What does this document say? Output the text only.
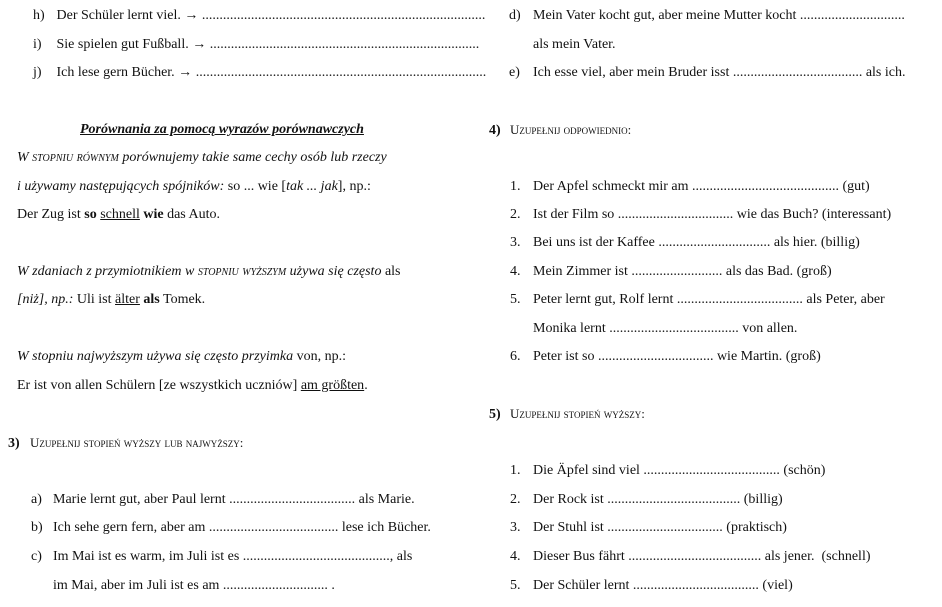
h) Der Schüler lernt viel. → .................................................................................
i) Sie spielen gut Fußball. → .............................................................................
j) Ich lese gern Bücher. → ...................................................................................
Porównania za pomocą wyrazów porównawczych
W stopniu równym porównujemy takie same cechy osób lub rzeczy
i używamy następujących spójników: so ... wie [tak ... jak], np.:
Der Zug ist so schnell wie das Auto.
W zdaniach z przymiotnikiem w stopniu wyższym używa się często als
[niż], np.: Uli ist älter als Tomek.
W stopniu najwyższym używa się często przyimka von, np.:
Er ist von allen Schülern [ze wszystkich uczniów] am größten.
3) Uzupełnij stopień wyższy lub najwyższy:
a) Marie lernt gut, aber Paul lernt .................................... als Marie.
b) Ich sehe gern fern, aber am ..................................... lese ich Bücher.
c) Im Mai ist es warm, im Juli ist es .........................................., als
im Mai, aber im Juli ist es am .............................. .
d) Mein Vater kocht gut, aber meine Mutter kocht ..............................
als mein Vater.
e) Ich esse viel, aber mein Bruder isst ..................................... als ich.
4) Uzupełnij odpowiednio:
1. Der Apfel schmeckt mir am .......................................... (gut)
2. Ist der Film so ................................. wie das Buch? (interessant)
3. Bei uns ist der Kaffee ................................ als hier. (billig)
4. Mein Zimmer ist .......................... als das Bad. (groß)
5. Peter lernt gut, Rolf lernt .................................... als Peter, aber
Monika lernt ..................................... von allen.
6. Peter ist so ................................. wie Martin. (groß)
5) Uzupełnij stopień wyższy:
1. Die Äpfel sind viel ....................................... (schön)
2. Der Rock ist ...................................... (billig)
3. Der Stuhl ist ................................. (praktisch)
4. Dieser Bus fährt ...................................... als jener.  (schnell)
5. Der Schüler lernt .................................... (viel)
